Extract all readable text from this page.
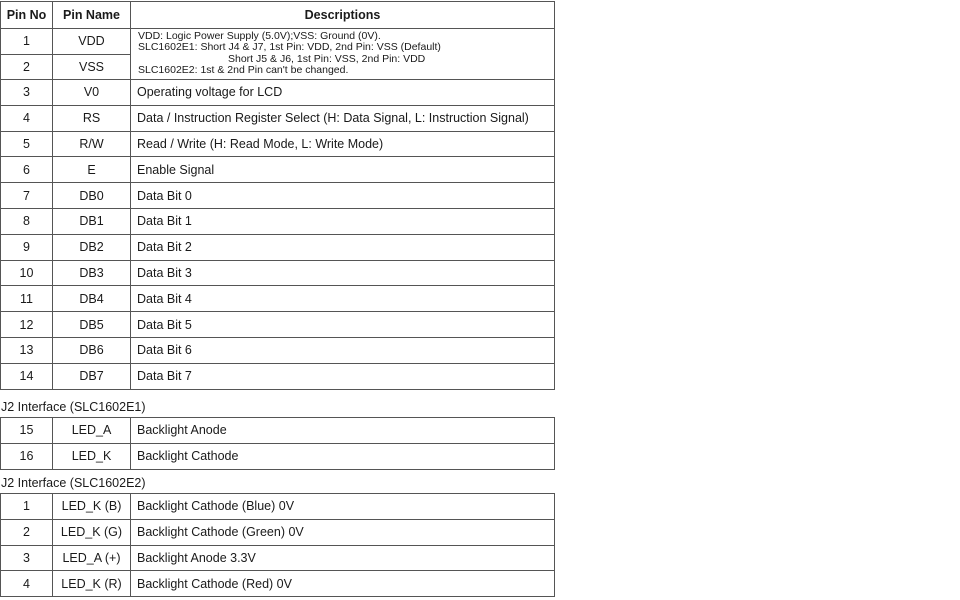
Pin No	Pin Name	Descriptions
1	VDD	VDD: Logic Power Supply (5.0V);VSS: Ground (0V).
SLC1602E1: Short J4 & J7, 1st Pin: VDD, 2nd Pin: VSS (Default)
Short J5 & J6, 1st Pin: VSS, 2nd Pin: VDD
SLC1602E2: 1st & 2nd Pin can't be changed.

2	VSS	
3	V0	Operating voltage for LCD
4	RS	Data / Instruction Register Select (H: Data Signal, L: Instruction Signal)
5	R/W	Read / Write (H: Read Mode, L: Write Mode)
6	E	Enable Signal
7	DB0	Data Bit 0
8	DB1	Data Bit 1
9	DB2	Data Bit 2
10	DB3	Data Bit 3
11	DB4	Data Bit 4
12	DB5	Data Bit 5
13	DB6	Data Bit 6
14	DB7	Data Bit 7
J2 Interface (SLC1602E1)
15	LED_A	Backlight Anode
16	LED_K	Backlight Cathode
J2 Interface (SLC1602E2)
1	LED_K (B)	Backlight Cathode (Blue) 0V
2	LED_K (G)	Backlight Cathode (Green) 0V
3	LED_A (+)	Backlight Anode 3.3V
4	LED_K (R)	Backlight Cathode (Red) 0V
